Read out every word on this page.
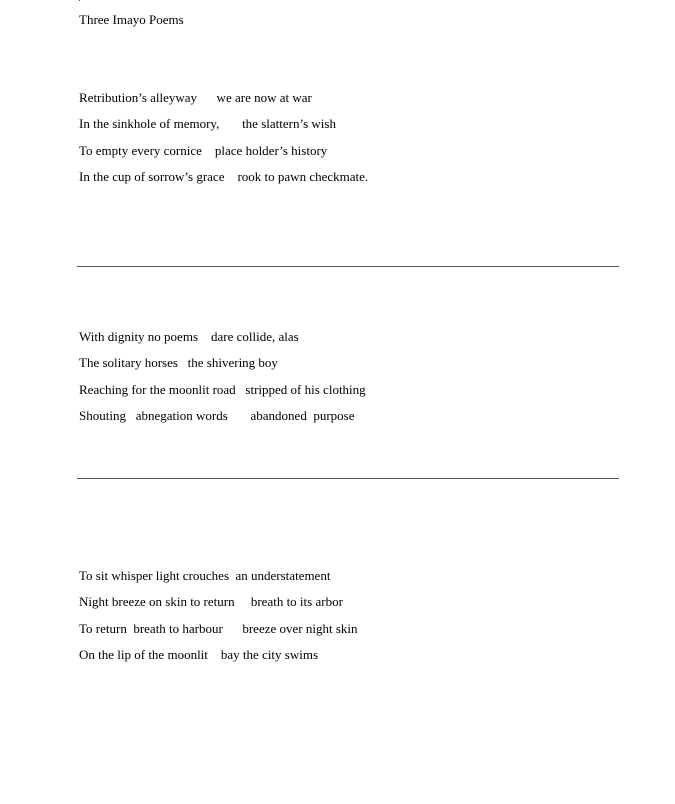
Three Imayo Poems
Retribution’s alleyway      we are now at war
In the sinkhole of memory,       the slattern’s wish
To empty every cornice    place holder’s history
In the cup of sorrow’s grace    rook to pawn checkmate.
With dignity no poems    dare collide, alas
The solitary horses   the shivering boy
Reaching for the moonlit road   stripped of his clothing
Shouting   abnegation words       abandoned  purpose
To sit whisper light crouches  an understatement
Night breeze on skin to return     breath to its arbor
To return  breath to harbour      breeze over night skin
On the lip of the moonlit    bay the city swims
